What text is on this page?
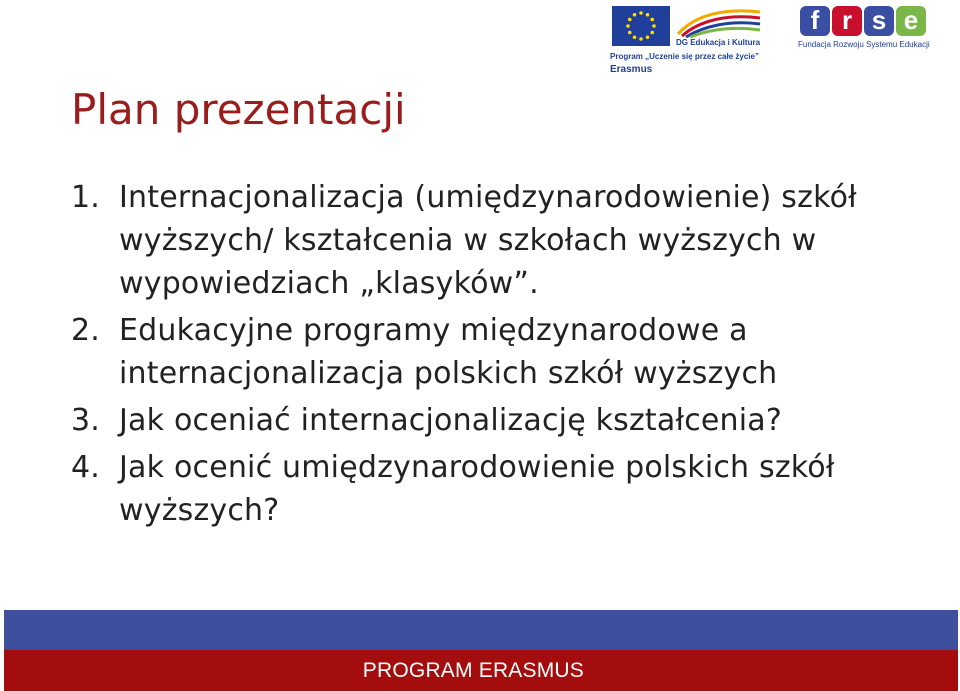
DG Edukacja i Kultura
Program „Uczenie się przez całe życie”
Erasmus
f r s e
Fundacja Rozwoju Systemu Edukacji
Plan prezentacji
1. Internacjonalizacja (umiędzynarodowienie) szkół wyższych/ kształcenia w szkołach wyższych w wypowiedziach „klasyków”.
2. Edukacyjne programy międzynarodowe a internacjonalizacja polskich szkół wyższych
3. Jak oceniać internacjonalizację kształcenia?
4. Jak ocenić umiędzynarodowienie polskich szkół wyższych?
PROGRAM ERASMUS
